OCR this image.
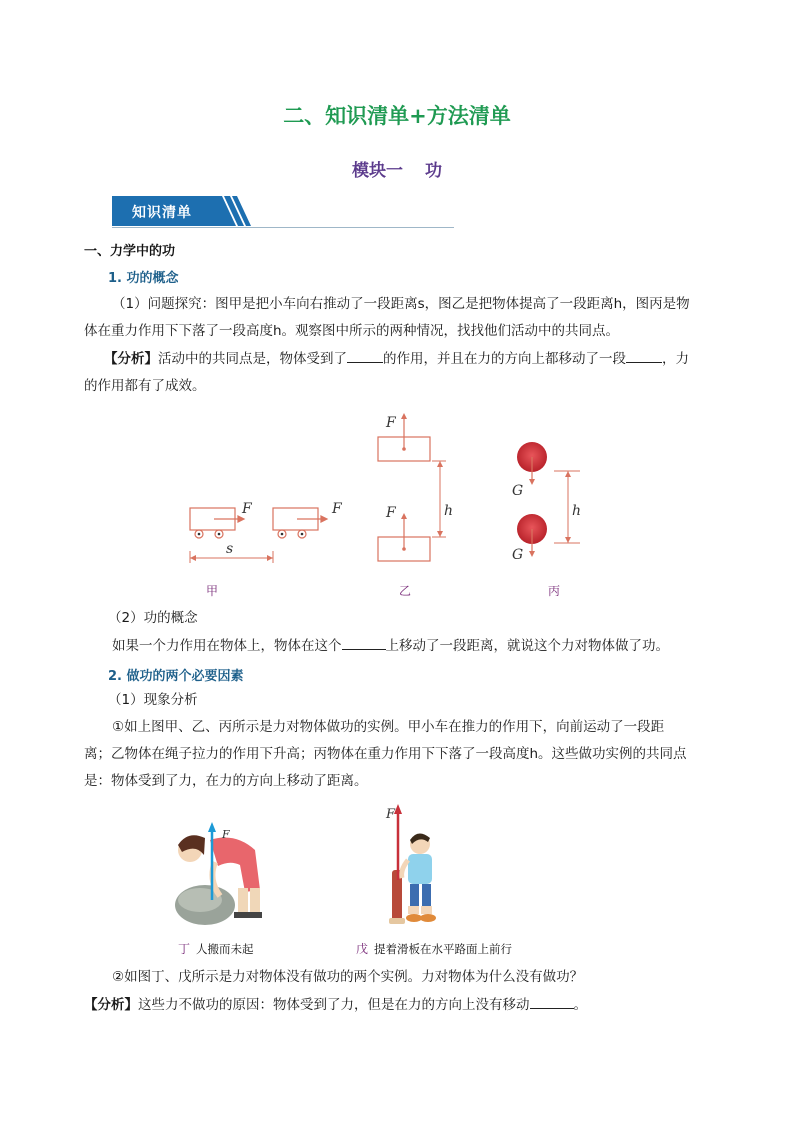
二、知识清单+方法清单
模块一 功
知识清单
一、力学中的功
1. 功的概念
（1）问题探究：图甲是把小车向右推动了一段距离s，图乙是把物体提高了一段距离h，图丙是物
体在重力作用下下落了一段高度h。观察图中所示的两种情况，找找他们活动中的共同点。
【分析】活动中的共同点是，物体受到了	的作用，并且在力的方向上都移动了一段	，力
的作用都有了成效。
F	F
s
甲
F
F	h
乙
G
G
h
丙
（2）功的概念
如果一个力作用在物体上，物体在这个	上移动了一段距离，就说这个力对物体做了功。
2. 做功的两个必要因素
（1）现象分析
①如上图甲、乙、丙所示是力对物体做功的实例。甲小车在推力的作用下，向前运动了一段距
离；乙物体在绳子拉力的作用下升高；丙物体在重力作用下下落了一段高度h。这些做功实例的共同点
是：物体受到了力，在力的方向上移动了距离。
F
丁 人搬而未起
F
戊 提着滑板在水平路面上前行
②如图丁、戊所示是力对物体没有做功的两个实例。力对物体为什么没有做功？
【分析】这些力不做功的原因：物体受到了力，但是在力的方向上没有移动	。
